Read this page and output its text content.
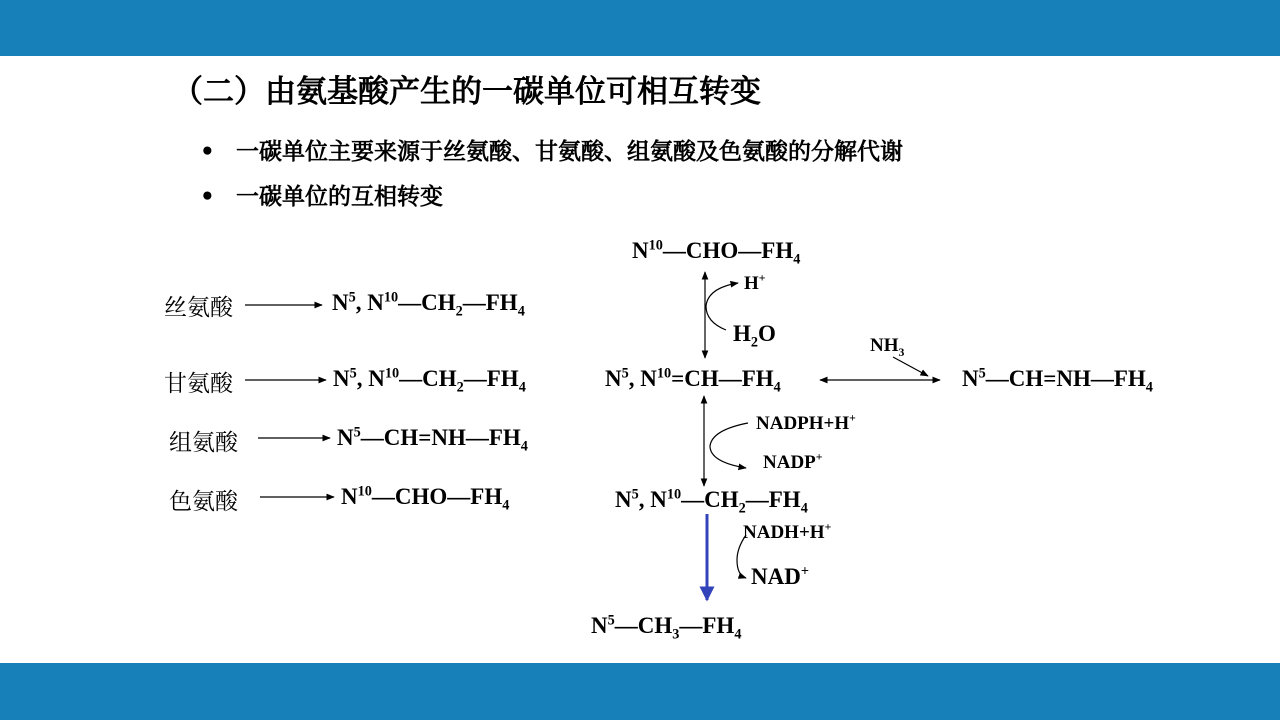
（二）由氨基酸产生的一碳单位可相互转变
• 一碳单位主要来源于丝氨酸、甘氨酸、组氨酸及色氨酸的分解代谢
• 一碳单位的互相转变
丝氨酸	$N^5$, $N^{10}—CH_2—FH_4$
甘氨酸	$N^5$, $N^{10}—CH_2—FH_4$
组氨酸	$N^5—CH=NH—FH_4$
色氨酸	$N^{10}—CHO—FH_4$
$N^{10}—CHO—FH_4$
H+
$H_2O$
$N^5$, $N^{10}=CH—FH_4$
$NH_3$
$N^5—CH=NH—FH_4$
NADPH+H+
NADP+
$N^5$, $N^{10}—CH_2—FH_4$
NADH+H+
NAD+
$N^5—CH_3—FH_4$
